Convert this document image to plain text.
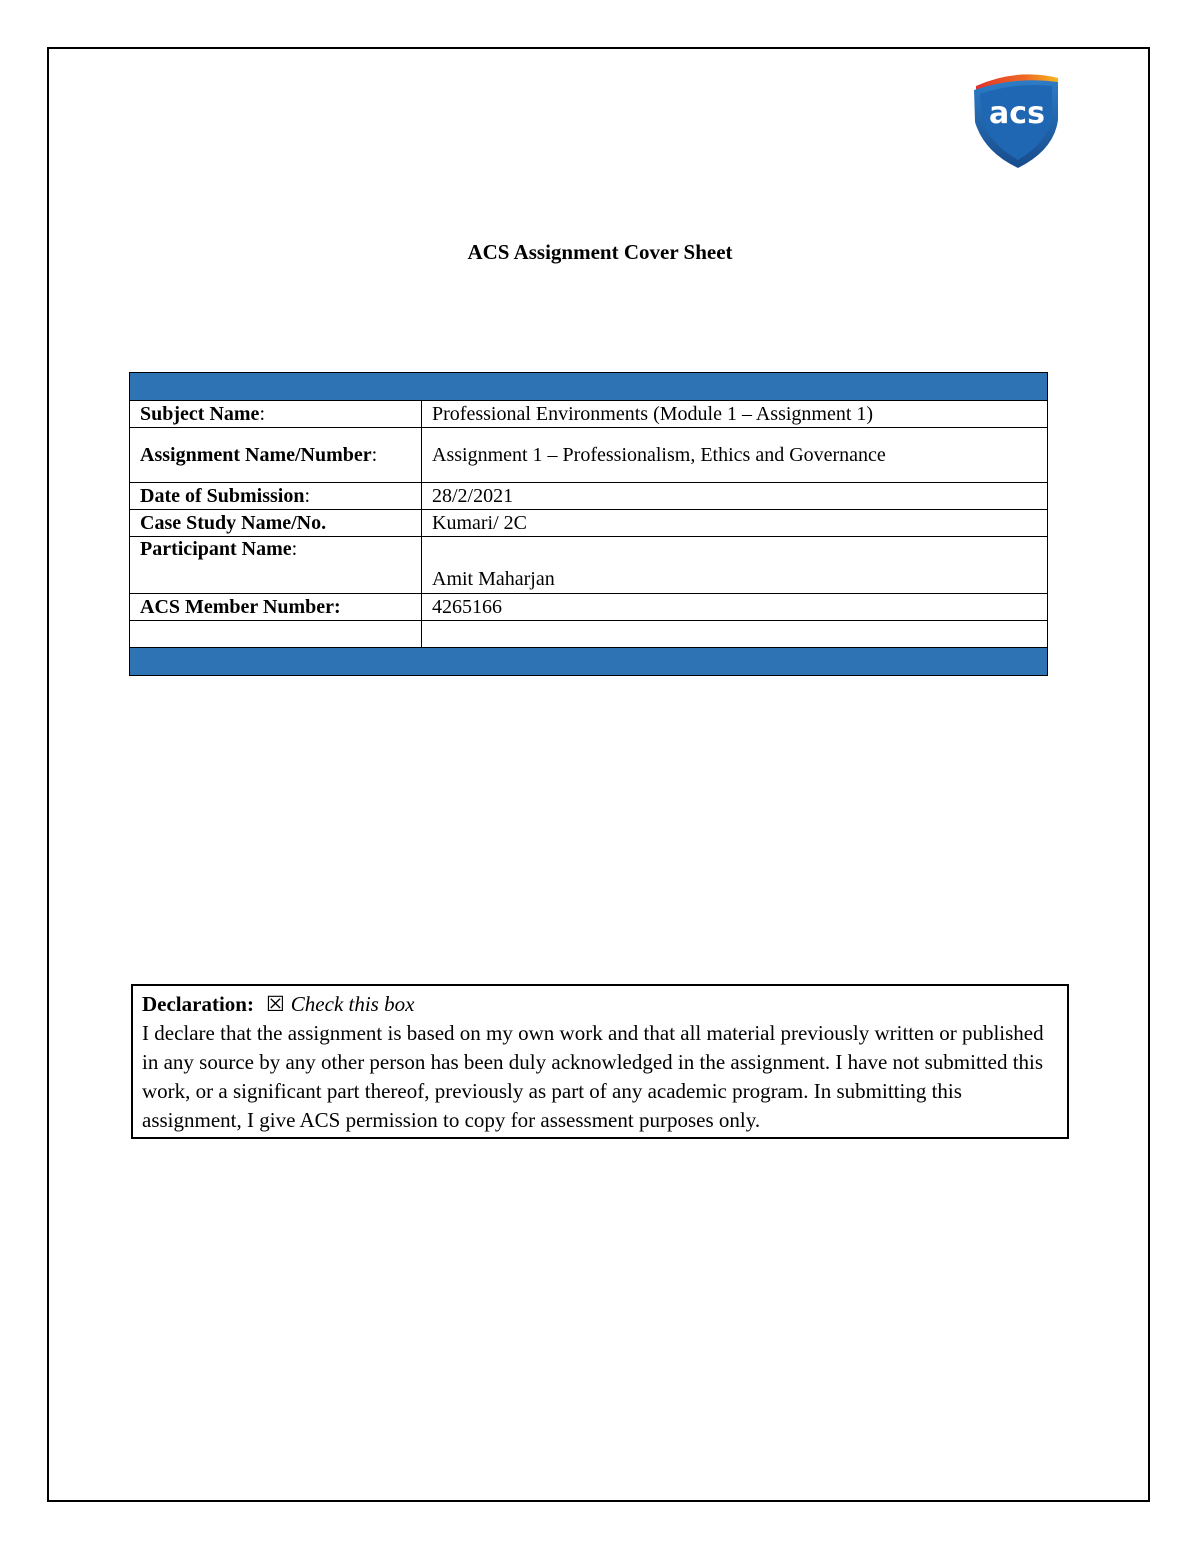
acs
ACS Assignment Cover Sheet

Subject Name:	Professional Environments (Module 1 – Assignment 1)
Assignment Name/Number:	Assignment 1 – Professionalism, Ethics and Governance
Date of Submission:	28/2/2021
Case Study Name/No.	Kumari/ 2C
Participant Name:	Amit Maharjan
ACS Member Number:	4265166

Declaration: ☒ Check this box
I declare that the assignment is based on my own work and that all material previously written or published in any source by any other person has been duly acknowledged in the assignment. I have not submitted this work, or a significant part thereof, previously as part of any academic program. In submitting this assignment, I give ACS permission to copy for assessment purposes only.
